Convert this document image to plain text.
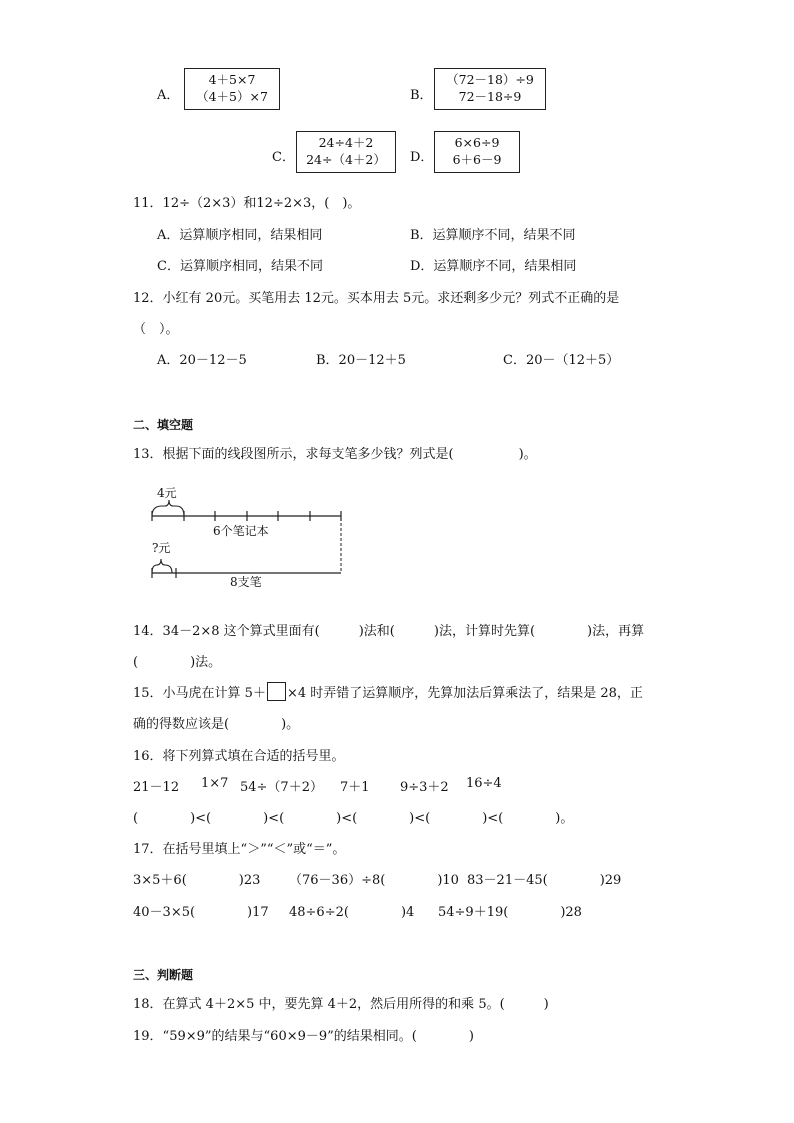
A．
4＋5×7
（4＋5）×7	B．
（72－18）÷9
72－18÷9
C．
24÷4＋2
24÷（4＋2）	D．
6×6÷9
6＋6－9
11．12÷（2×3）和12÷2×3，(　)。
A．运算顺序相同，结果相同	B．运算顺序不同，结果不同
C．运算顺序相同，结果不同	D．运算顺序不同，结果相同
12．小红有 20元。买笔用去 12元。买本用去 5元。求还剩多少元？列式不正确的是
（　）。
A．20－12－5	B．20－12＋5	C．20－（12＋5）
二、填空题
13．根据下面的线段图所示，求每支笔多少钱？列式是(　　　　　)。
4元
6个笔记本
?元
8支笔
14．34－2×8 这个算式里面有(　　　)法和(　　　)法，计算时先算(　　　　)法，再算
(　　　　)法。
15．小马虎在计算 5＋ ×4 时弄错了运算顺序，先算加法后算乘法了，结果是 28，正
确的得数应该是(　　　　)。
16．将下列算式填在合适的括号里。
21－12 1×7 54÷（7＋2） 7＋1 9÷3＋2 16÷4
(　　　　)<(　　　　)<(　　　　)<(　　　　)<(　　　　)<(　　　　)。
17．在括号里填上“＞”“＜”或“＝”。
3×5＋6(　　　　)23 （76－36）÷8(　　　　)10 83－21－45(　　　　)29
40－3×5(　　　　)17 48÷6÷2(　　　　)4 54÷9＋19(　　　　)28
三、判断题
18．在算式 4＋2×5 中，要先算 4＋2，然后用所得的和乘 5。(　　　)
19．“59×9”的结果与“60×9－9”的结果相同。(　　　　)
